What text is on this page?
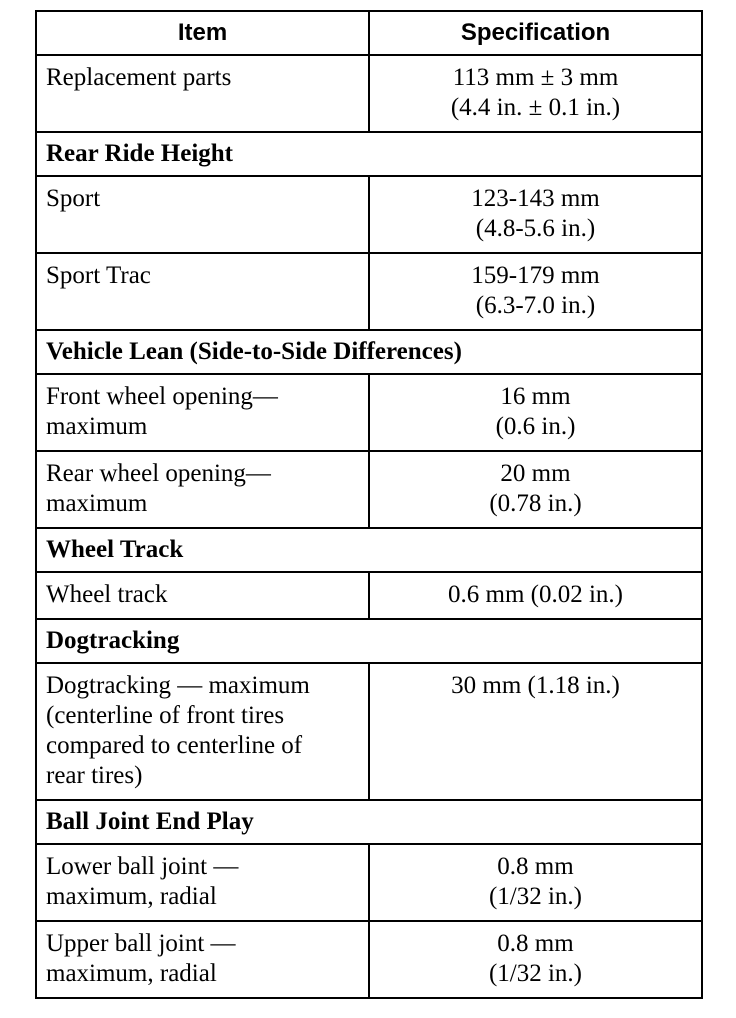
Item	Specification
Replacement parts	113 mm ± 3 mm
(4.4 in. ± 0.1 in.)

Rear Ride Height	
Sport	123-143 mm
(4.8-5.6 in.)

Sport Trac	159-179 mm
(6.3-7.0 in.)

Vehicle Lean (Side-to-Side Differences)	

Front wheel opening—
maximum	16 mm
(0.6 in.)

Rear wheel opening—
maximum	20 mm
(0.78 in.)

Wheel Track	
Wheel track	0.6 mm (0.02 in.)
Dogtracking	

Dogtracking — maximum
(centerline of front tires
compared to centerline of
rear tires)	30 mm (1.18 in.)
Ball Joint End Play	

Lower ball joint —
maximum, radial	0.8 mm
(1/32 in.)

Upper ball joint —
maximum, radial	0.8 mm
(1/32 in.)
